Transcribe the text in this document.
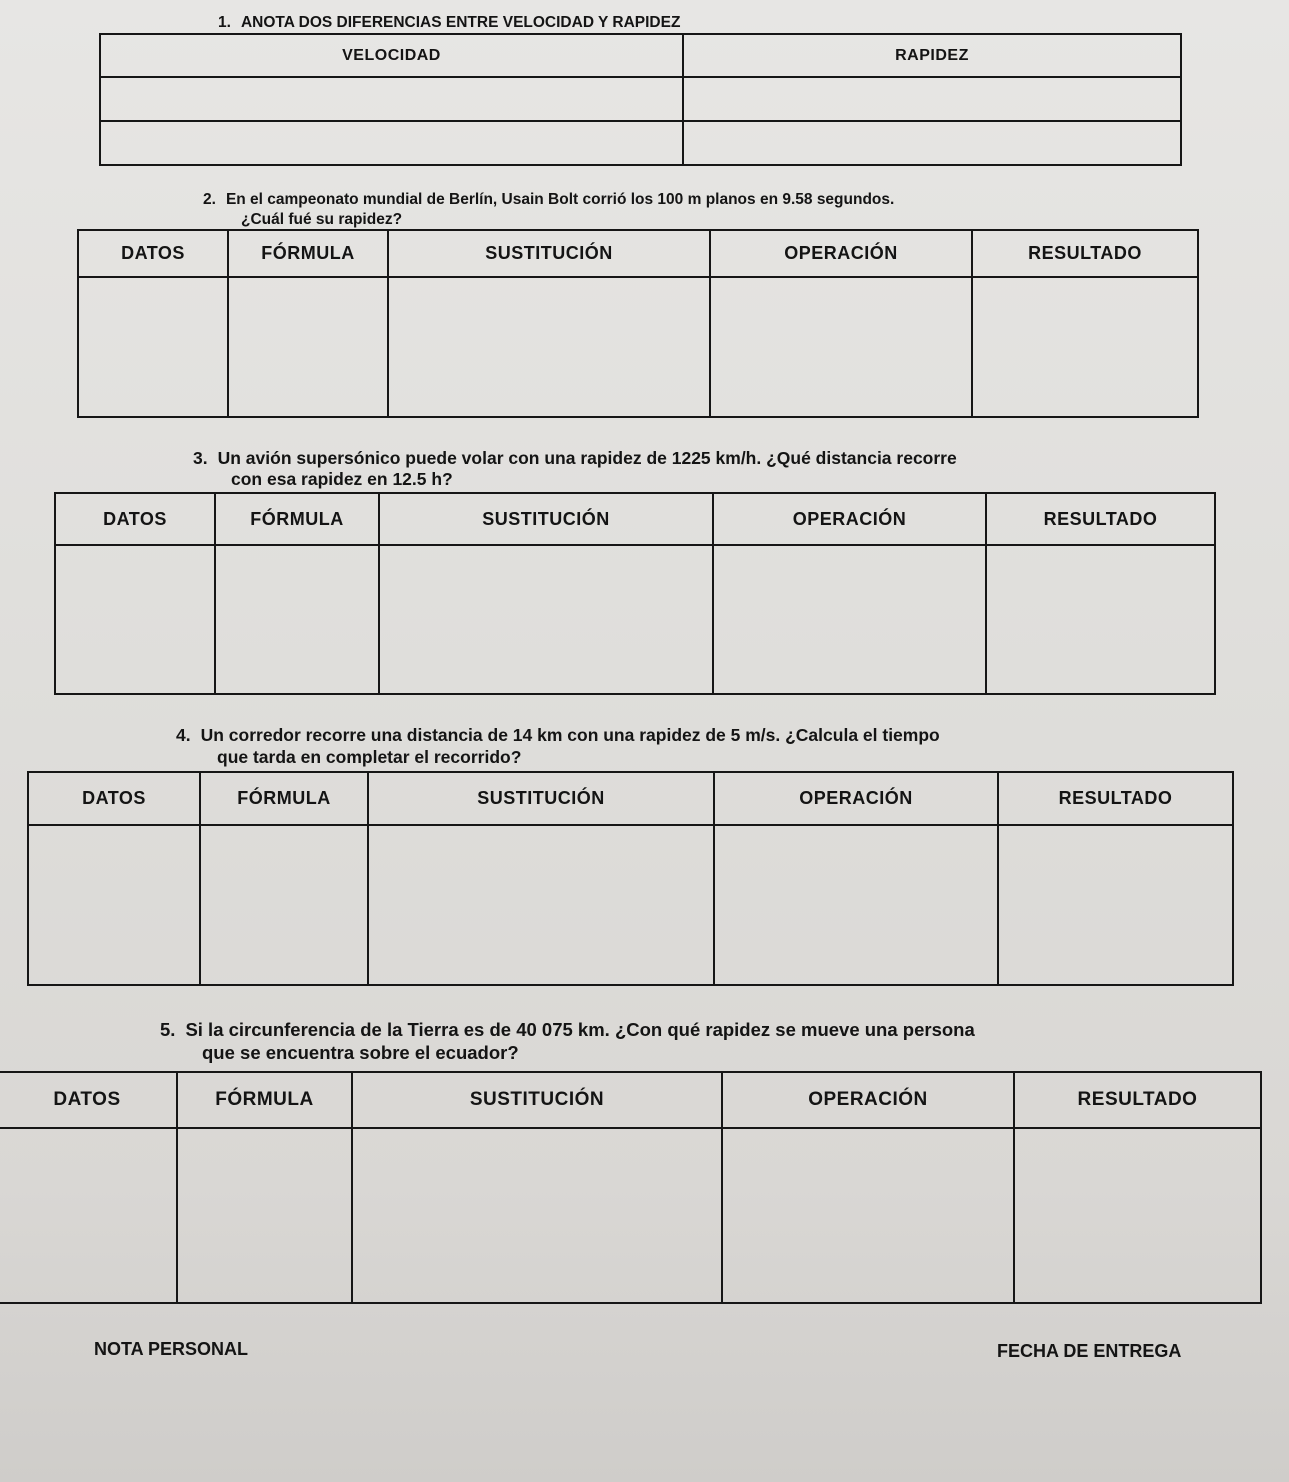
1. ANOTA DOS DIFERENCIAS ENTRE VELOCIDAD Y RAPIDEZ

VELOCIDAD	RAPIDEZ

2. En el campeonato mundial de Berlín, Usain Bolt corrió los 100 m planos en 9.58 segundos.
¿Cuál fué su rapidez?

DATOS	FÓRMULA	SUSTITUCIÓN	OPERACIÓN	RESULTADO

3. Un avión supersónico puede volar con una rapidez de 1225 km/h. ¿Qué distancia recorre
con esa rapidez en 12.5 h?

DATOS	FÓRMULA	SUSTITUCIÓN	OPERACIÓN	RESULTADO

4. Un corredor recorre una distancia de 14 km con una rapidez de 5 m/s. ¿Calcula el tiempo
que tarda en completar el recorrido?

DATOS	FÓRMULA	SUSTITUCIÓN	OPERACIÓN	RESULTADO

5. Si la circunferencia de la Tierra es de 40 075 km. ¿Con qué rapidez se mueve una persona
que se encuentra sobre el ecuador?

DATOS	FÓRMULA	SUSTITUCIÓN	OPERACIÓN	RESULTADO

NOTA PERSONAL	FECHA DE ENTREGA
